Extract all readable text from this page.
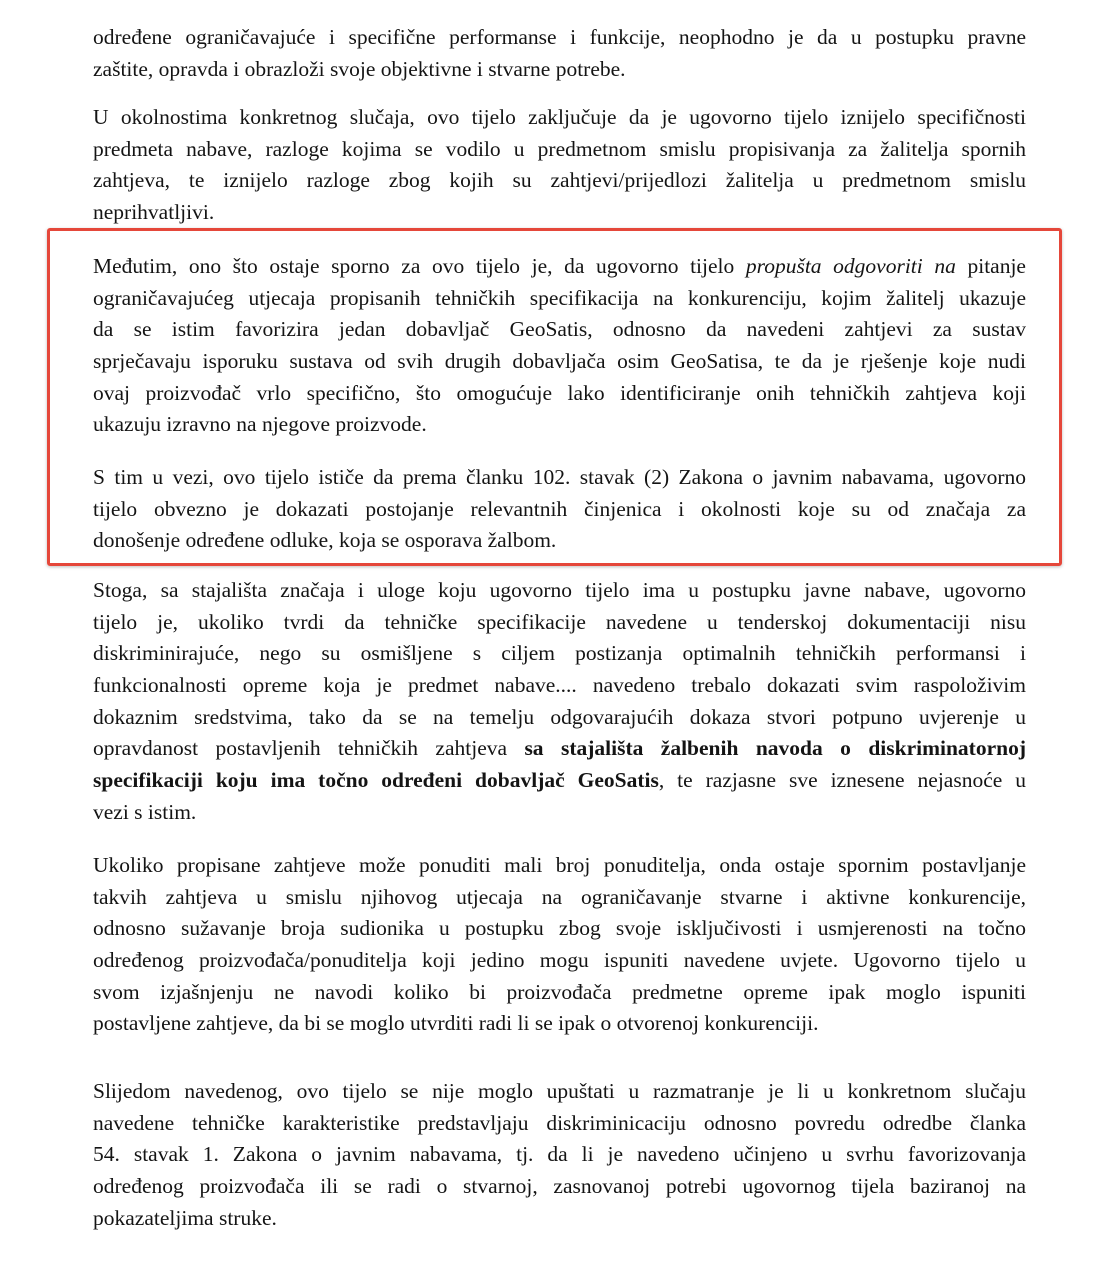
određene ograničavajuće i specifične performanse i funkcije, neophodno je da u postupku pravne
zaštite, opravda i obrazloži svoje objektivne i stvarne potrebe.
U okolnostima konkretnog slučaja, ovo tijelo zaključuje da je ugovorno tijelo iznijelo specifičnosti
predmeta nabave, razloge kojima se vodilo u predmetnom smislu propisivanja za žalitelja spornih
zahtjeva, te iznijelo razloge zbog kojih su zahtjevi/prijedlozi žalitelja u predmetnom smislu
neprihvatljivi.
Međutim, ono što ostaje sporno za ovo tijelo je, da ugovorno tijelo propušta odgovoriti na pitanje
ograničavajućeg utjecaja propisanih tehničkih specifikacija na konkurenciju, kojim žalitelj ukazuje
da se istim favorizira jedan dobavljač GeoSatis, odnosno da navedeni zahtjevi za sustav
sprječavaju isporuku sustava od svih drugih dobavljača osim GeoSatisa, te da je rješenje koje nudi
ovaj proizvođač vrlo specifično, što omogućuje lako identificiranje onih tehničkih zahtjeva koji
ukazuju izravno na njegove proizvode.
S tim u vezi, ovo tijelo ističe da prema članku 102. stavak (2) Zakona o javnim nabavama, ugovorno
tijelo obvezno je dokazati postojanje relevantnih činjenica i okolnosti koje su od značaja za
donošenje određene odluke, koja se osporava žalbom.
Stoga, sa stajališta značaja i uloge koju ugovorno tijelo ima u postupku javne nabave, ugovorno
tijelo je, ukoliko tvrdi da tehničke specifikacije navedene u tenderskoj dokumentaciji nisu
diskriminirajuće, nego su osmišljene s ciljem postizanja optimalnih tehničkih performansi i
funkcionalnosti opreme koja je predmet nabave.... navedeno trebalo dokazati svim raspoloživim
dokaznim sredstvima, tako da se na temelju odgovarajućih dokaza stvori potpuno uvjerenje u
opravdanost postavljenih tehničkih zahtjeva sa stajališta žalbenih navoda o diskriminatornoj
specifikaciji koju ima točno određeni dobavljač GeoSatis, te razjasne sve iznesene nejasnoće u
vezi s istim.
Ukoliko propisane zahtjeve može ponuditi mali broj ponuditelja, onda ostaje spornim postavljanje
takvih zahtjeva u smislu njihovog utjecaja na ograničavanje stvarne i aktivne konkurencije,
odnosno sužavanje broja sudionika u postupku zbog svoje isključivosti i usmjerenosti na točno
određenog proizvođača/ponuditelja koji jedino mogu ispuniti navedene uvjete. Ugovorno tijelo u
svom izjašnjenju ne navodi koliko bi proizvođača predmetne opreme ipak moglo ispuniti
postavljene zahtjeve, da bi se moglo utvrditi radi li se ipak o otvorenoj konkurenciji.
Slijedom navedenog, ovo tijelo se nije moglo upuštati u razmatranje je li u konkretnom slučaju
navedene tehničke karakteristike predstavljaju diskriminicaciju odnosno povredu odredbe članka
54. stavak 1. Zakona o javnim nabavama, tj. da li je navedeno učinjeno u svrhu favorizovanja
određenog proizvođača ili se radi o stvarnoj, zasnovanoj potrebi ugovornog tijela baziranoj na
pokazateljima struke.
